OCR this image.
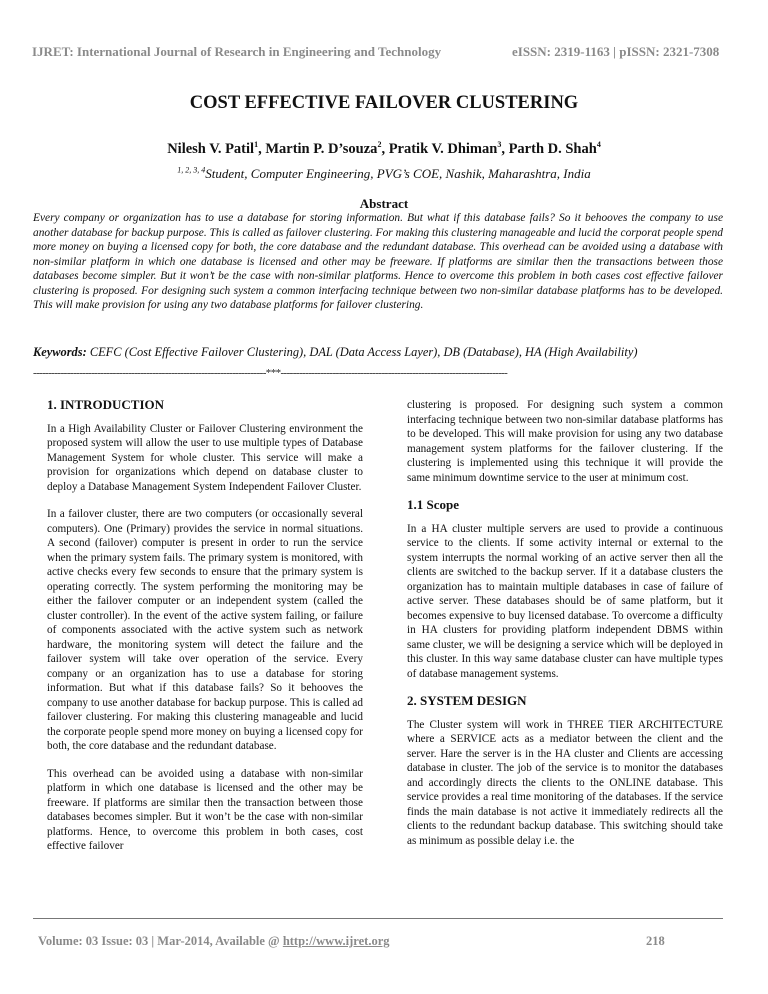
IJRET: International Journal of Research in Engineering and Technology	eISSN: 2319-1163 | pISSN: 2321-7308
COST EFFECTIVE FAILOVER CLUSTERING
Nilesh V. Patil$^1$, Martin P. D’souza$^2$, Pratik V. Dhiman$^3$, Parth D. Shah$^4$
$^{1, 2, 3, 4}$Student, Computer Engineering, PVG’s COE, Nashik, Maharashtra, India
Abstract
Every company or organization has to use a database for storing information. But what if this database fails? So it behooves the company to use another database for backup purpose. This is called as failover clustering. For making this clustering manageable and lucid the corporat people spend more money on buying a licensed copy for both, the core database and the redundant database. This overhead can be avoided using a database with non-similar platform in which one database is licensed and other may be freeware. If platforms are similar then the transactions between those databases become simpler. But it won’t be the case with non-similar platforms. Hence to overcome this problem in both cases cost effective failover clustering is proposed. For designing such system a common interfacing technique between two non-similar database platforms has to be developed. This will make provision for using any two database platforms for failover clustering.
Keywords: CEFC (Cost Effective Failover Clustering), DAL (Data Access Layer), DB (Database), HA (High Availability)
----------------------------------------------------------------------------***--------------------------------------------------------------------------
1. INTRODUCTION

In a High Availability Cluster or Failover Clustering environment the proposed system will allow the user to use multiple types of Database Management System for whole cluster. This service will make a provision for organizations which depend on database cluster to deploy a Database Management System Independent Failover Cluster.

In a failover cluster, there are two computers (or occasionally several computers). One (Primary) provides the service in normal situations. A second (failover) computer is present in order to run the service when the primary system fails. The primary system is monitored, with active checks every few seconds to ensure that the primary system is operating correctly. The system performing the monitoring may be either the failover computer or an independent system (called the cluster controller). In the event of the active system failing, or failure of components associated with the active system such as network hardware, the monitoring system will detect the failure and the failover system will take over operation of the service. Every company or an organization has to use a database for storing information. But what if this database fails? So it behooves the company to use another database for backup purpose. This is called ad failover clustering. For making this clustering manageable and lucid the corporate people spend more money on buying a licensed copy for both, the core database and the redundant database.

This overhead can be avoided using a database with non-similar platform in which one database is licensed and the other may be freeware. If platforms are similar then the transaction between those databases becomes simpler. But it won’t be the case with non-similar platforms. Hence, to overcome this problem in both cases, cost effective failover

clustering is proposed. For designing such system a common interfacing technique between two non-similar database platforms has to be developed. This will make provision for using any two database management system platforms for the failover clustering. If the clustering is implemented using this technique it will provide the same minimum downtime service to the user at minimum cost.

1.1 Scope

In a HA cluster multiple servers are used to provide a continuous service to the clients. If some activity internal or external to the system interrupts the normal working of an active server then all the clients are switched to the backup server. If it a database clusters the organization has to maintain multiple databases in case of failure of active server. These databases should be of same platform, but it becomes expensive to buy licensed database. To overcome a difficulty in HA clusters for providing platform independent DBMS within same cluster, we will be designing a service which will be deployed in this cluster. In this way same database cluster can have multiple types of database management systems.

2. SYSTEM DESIGN

The Cluster system will work in THREE TIER ARCHITECTURE where a SERVICE acts as a mediator between the client and the server. Hare the server is in the HA cluster and Clients are accessing database in cluster. The job of the service is to monitor the databases and accordingly directs the clients to the ONLINE database. This service provides a real time monitoring of the databases. If the service finds the main database is not active it immediately redirects all the clients to the redundant backup database. This switching should take as minimum as possible delay i.e. the

Volume: 03 Issue: 03 | Mar-2014, Available @ http://www.ijret.org	218
